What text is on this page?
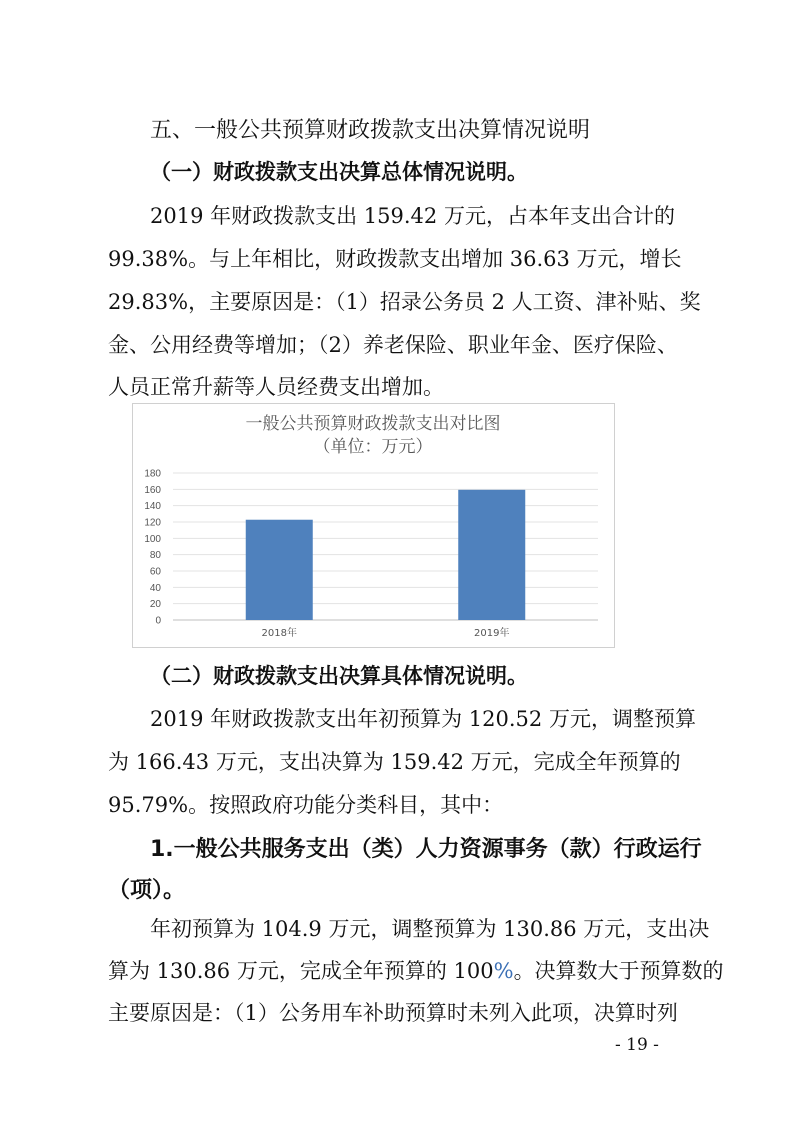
五、一般公共预算财政拨款支出决算情况说明
（一）财政拨款支出决算总体情况说明。
2019 年财政拨款支出 159.42 万元，占本年支出合计的
99.38%。与上年相比，财政拨款支出增加 36.63 万元，增长
29.83%，主要原因是：（1）招录公务员 2 人工资、津补贴、奖
金、公用经费等增加；（2）养老保险、职业年金、医疗保险、
人员正常升薪等人员经费支出增加。
一般公共预算财政拨款支出对比图
（单位：万元）
0
20
40
60
80
100
120
140
160
180
2018年	2019年
（二）财政拨款支出决算具体情况说明。
2019 年财政拨款支出年初预算为 120.52 万元，调整预算
为 166.43 万元，支出决算为 159.42 万元，完成全年预算的
95.79%。按照政府功能分类科目，其中：
1.一般公共服务支出（类）人力资源事务（款）行政运行
（项）。
年初预算为 104.9 万元，调整预算为 130.86 万元，支出决
算为 130.86 万元，完成全年预算的 100%。决算数大于预算数的
主要原因是：（1）公务用车补助预算时未列入此项，决算时列
- 19 -
